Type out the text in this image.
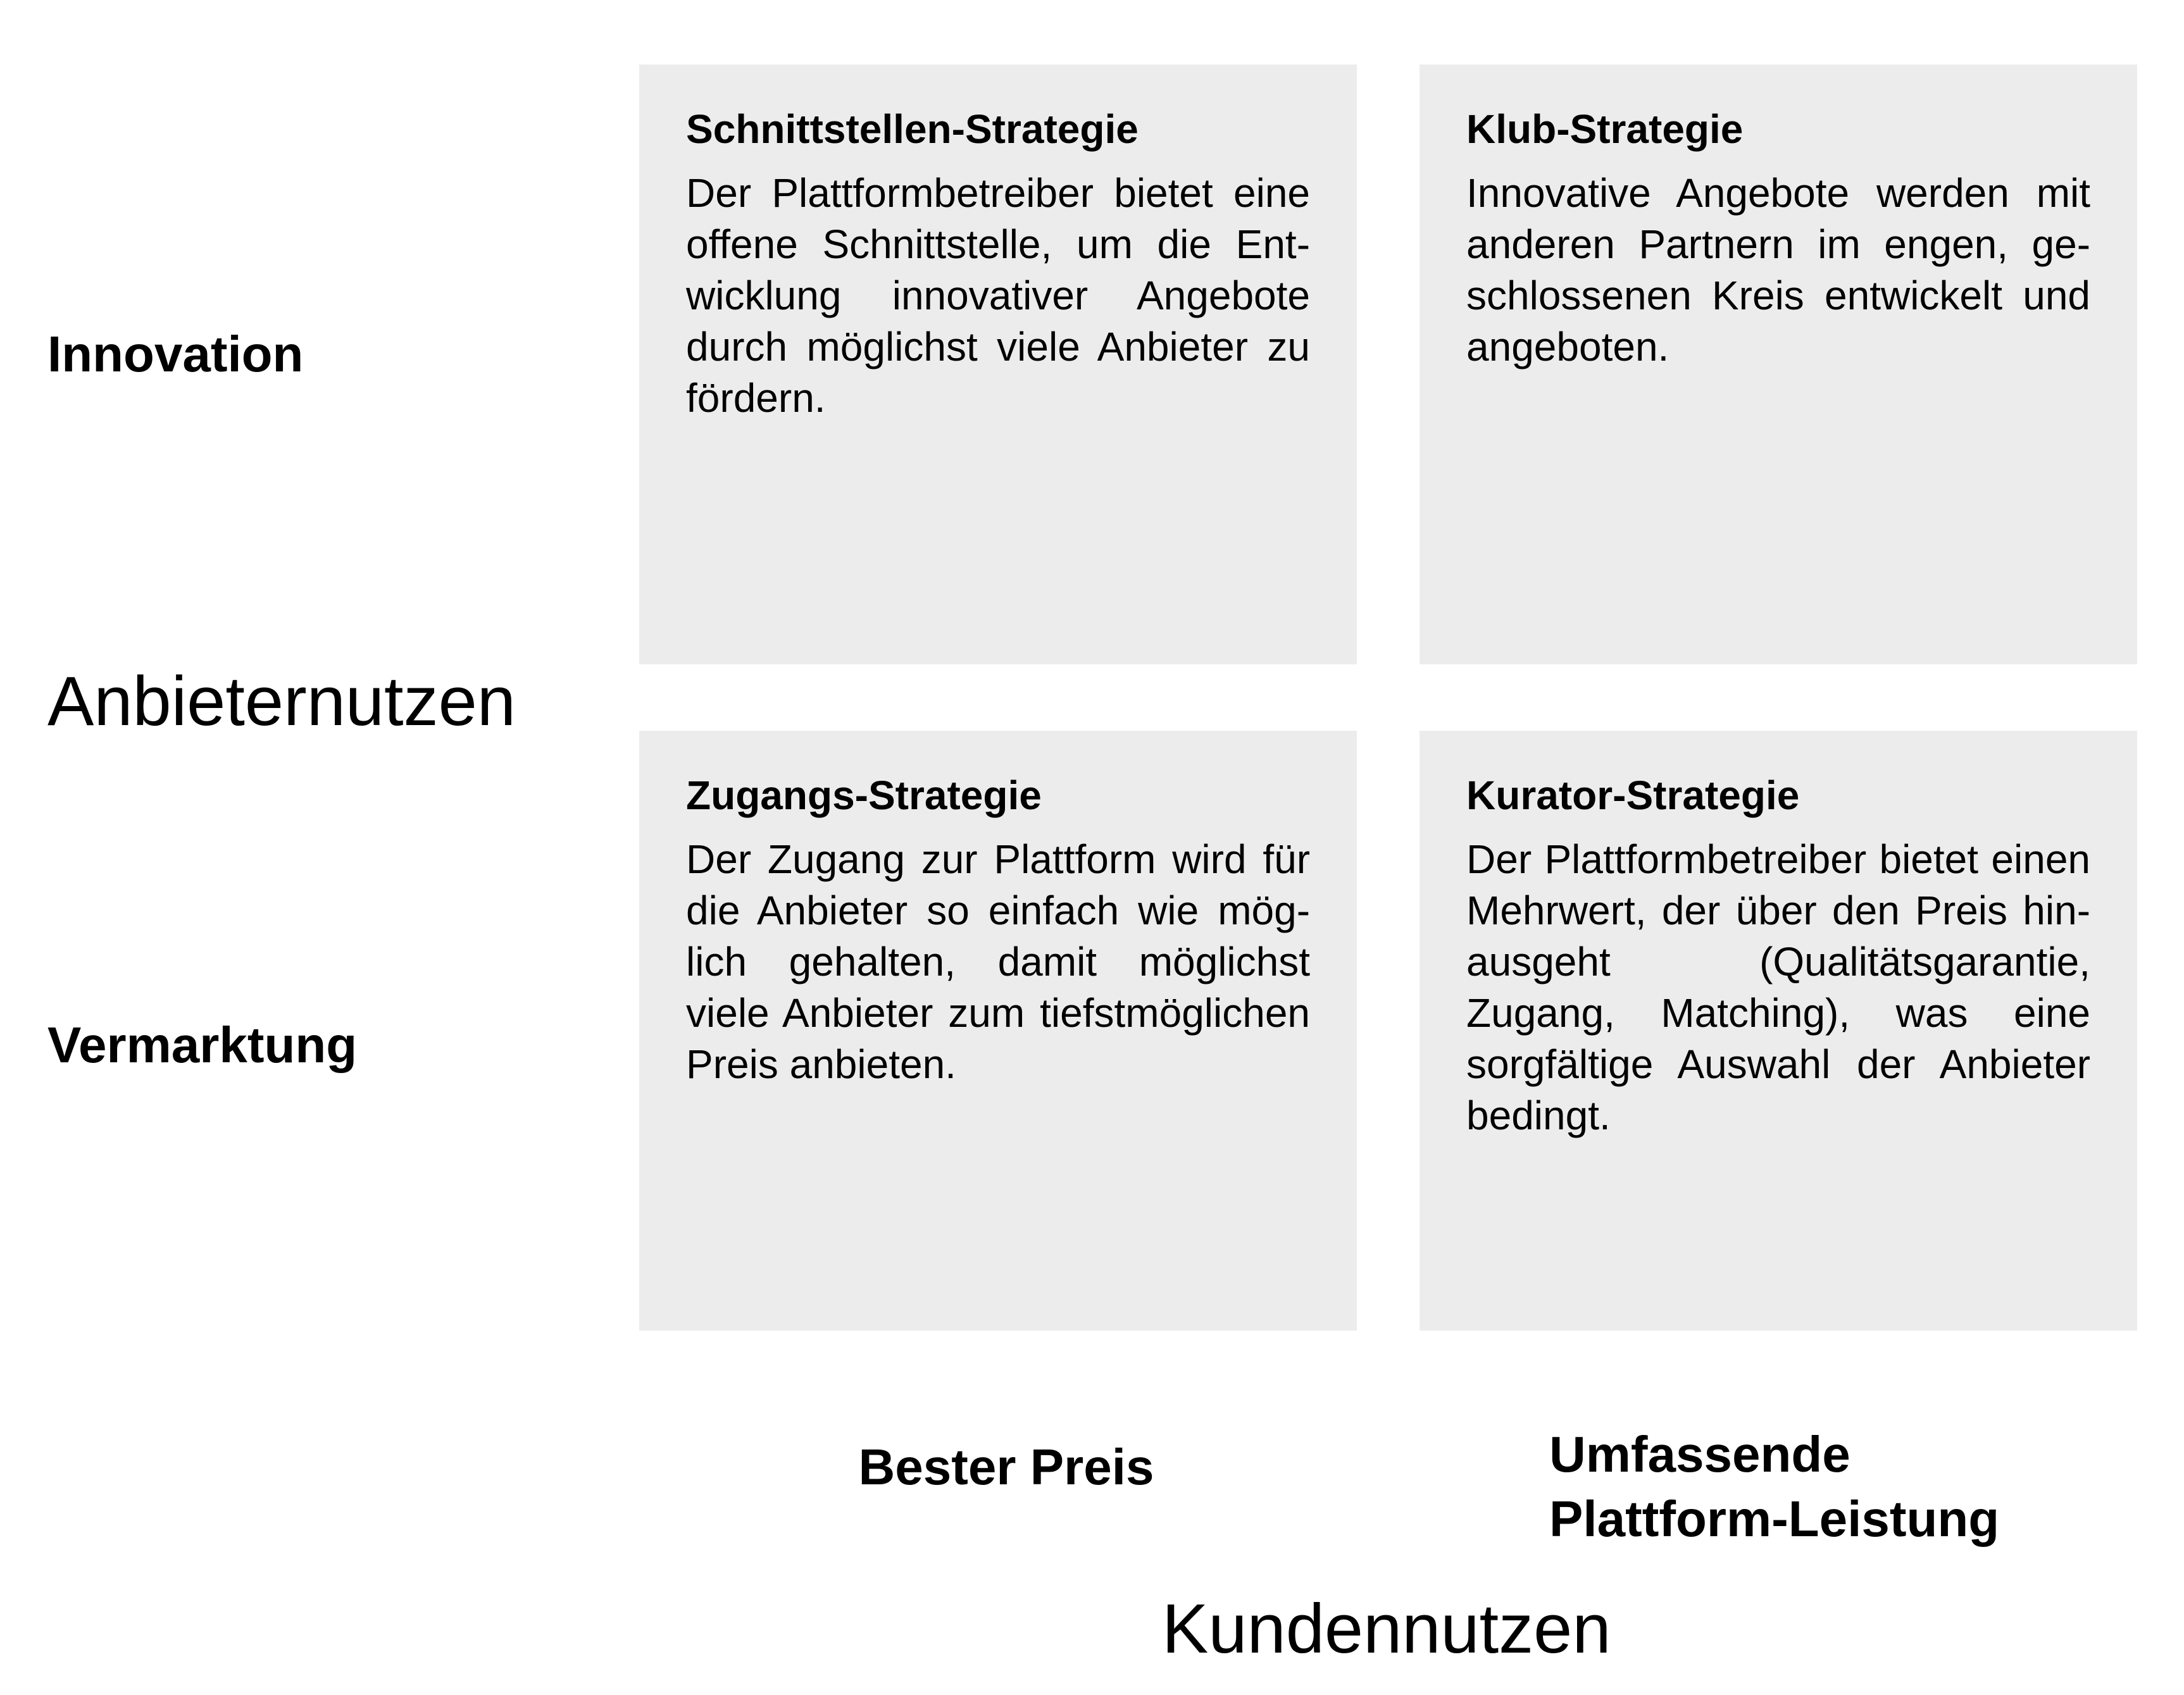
Innovation
Anbieternutzen
Vermarktung

Schnittstellen-Strategie

Der Plattformbetreiber bietet eine offene Schnittstelle, um die Entwicklung innovativer Angebote durch möglichst viele Anbieter zu fördern.

Klub-Strategie

Innovative Angebote werden mit anderen Partnern im engen, geschlossenen Kreis entwickelt und angeboten.

Zugangs-Strategie

Der Zugang zur Plattform wird für die Anbieter so einfach wie möglich gehalten, damit möglichst viele Anbieter zum tiefstmöglichen Preis anbieten.

Kurator-Strategie

Der Plattformbetreiber bietet einen Mehrwert, der über den Preis hinausgeht (Qualitätsgarantie, Zugang, Matching), was eine sorgfältige Auswahl der Anbieter bedingt.

Bester Preis	Umfassende
Plattform-Leistung
Kundennutzen
